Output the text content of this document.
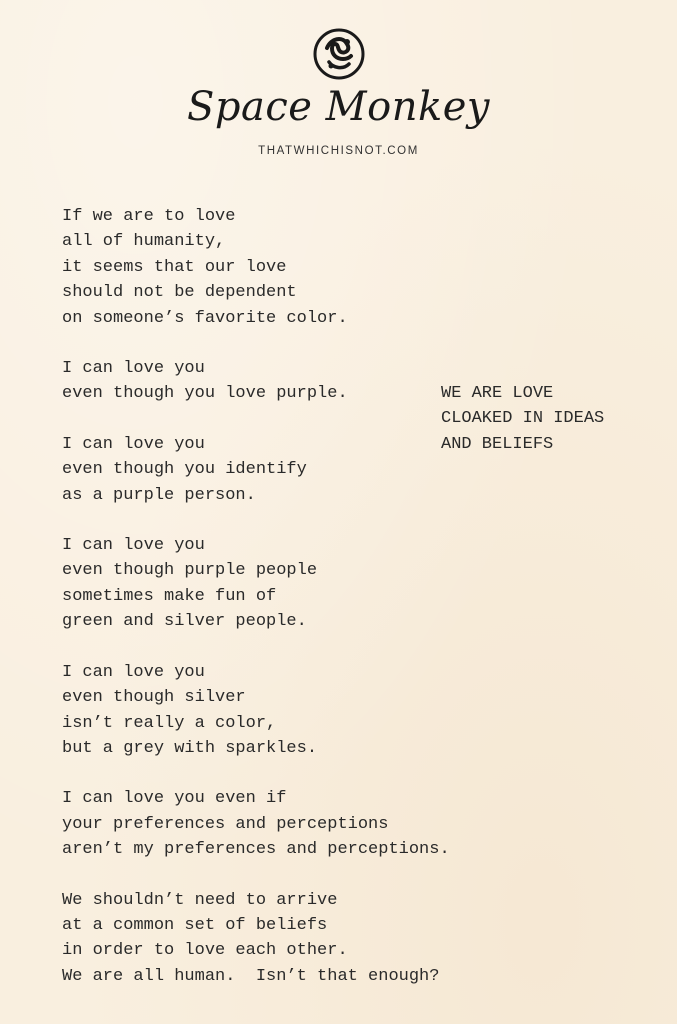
Space Monkey
THATWHICHISNOT.COM
If we are to love
all of humanity,
it seems that our love
should not be dependent
on someone’s favorite color.
I can love you
even though you love purple.
I can love you
even though you identify
as a purple person.
I can love you
even though purple people
sometimes make fun of
green and silver people.
I can love you
even though silver
isn’t really a color,
but a grey with sparkles.
I can love you even if
your preferences and perceptions
aren’t my preferences and perceptions.
We shouldn’t need to arrive
at a common set of beliefs
in order to love each other.
We are all human.  Isn’t that enough?
WE ARE LOVE
CLOAKED IN IDEAS
AND BELIEFS
